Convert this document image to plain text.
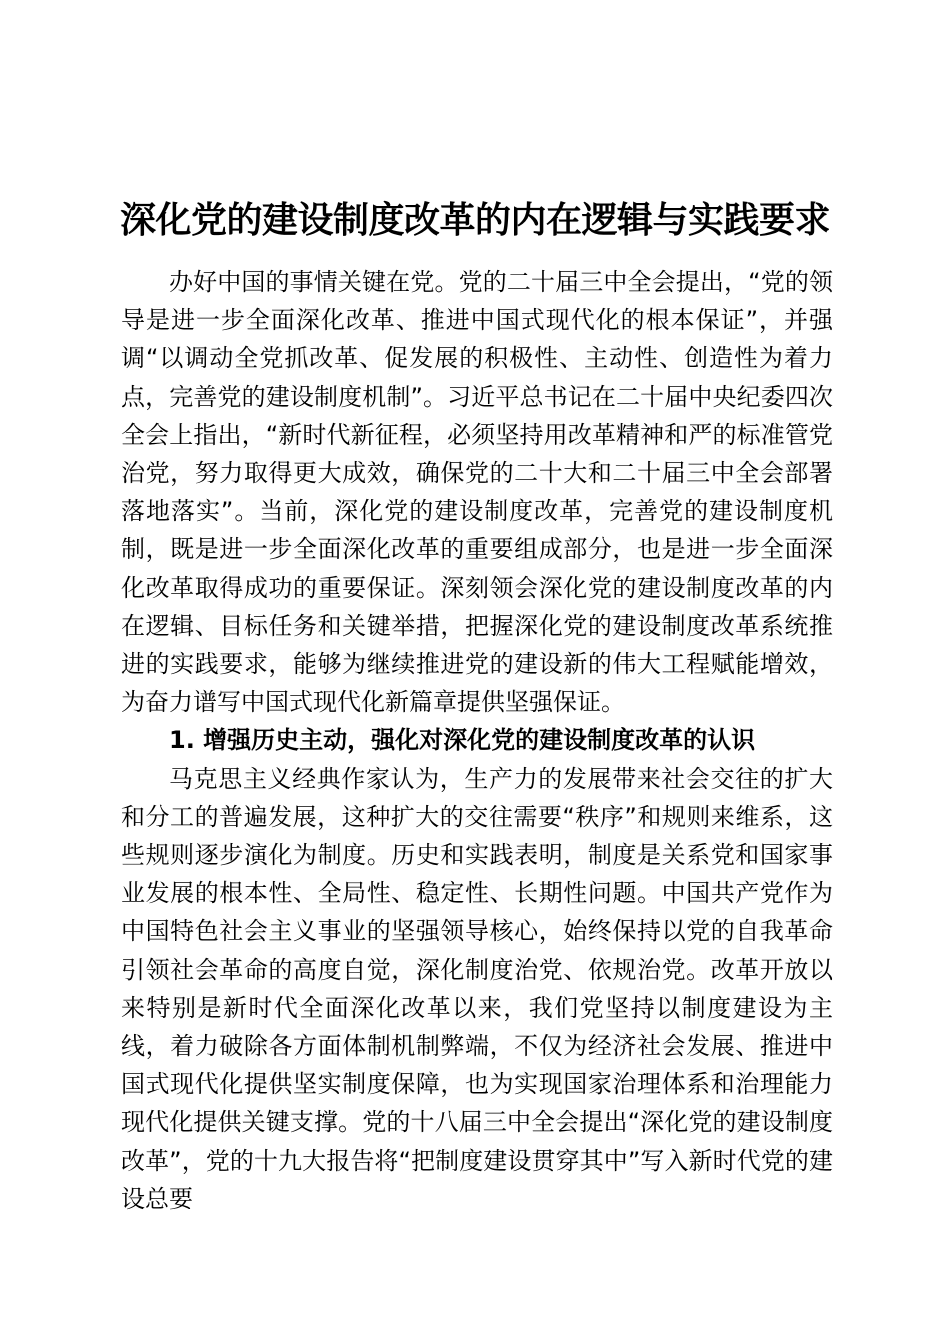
深化党的建设制度改革的内在逻辑与实践要求

办好中国的事情关键在党。党的二十届三中全会提出，“党的领导是进一步全面深化改革、推进中国式现代化的根本保证”，并强调“以调动全党抓改革、促发展的积极性、主动性、创造性为着力点，完善党的建设制度机制”。习近平总书记在二十届中央纪委四次全会上指出，“新时代新征程，必须坚持用改革精神和严的标准管党治党，努力取得更大成效，确保党的二十大和二十届三中全会部署落地落实”。当前，深化党的建设制度改革，完善党的建设制度机制，既是进一步全面深化改革的重要组成部分，也是进一步全面深化改革取得成功的重要保证。深刻领会深化党的建设制度改革的内在逻辑、目标任务和关键举措，把握深化党的建设制度改革系统推进的实践要求，能够为继续推进党的建设新的伟大工程赋能增效，为奋力谱写中国式现代化新篇章提供坚强保证。

1. 增强历史主动，强化对深化党的建设制度改革的认识

马克思主义经典作家认为，生产力的发展带来社会交往的扩大和分工的普遍发展，这种扩大的交往需要“秩序”和规则来维系，这些规则逐步演化为制度。历史和实践表明，制度是关系党和国家事业发展的根本性、全局性、稳定性、长期性问题。中国共产党作为中国特色社会主义事业的坚强领导核心，始终保持以党的自我革命引领社会革命的高度自觉，深化制度治党、依规治党。改革开放以来特别是新时代全面深化改革以来，我们党坚持以制度建设为主线，着力破除各方面体制机制弊端，不仅为经济社会发展、推进中国式现代化提供坚实制度保障，也为实现国家治理体系和治理能力现代化提供关键支撑。党的十八届三中全会提出“深化党的建设制度改革”，党的十九大报告将“把制度建设贯穿其中”写入新时代党的建设总要
